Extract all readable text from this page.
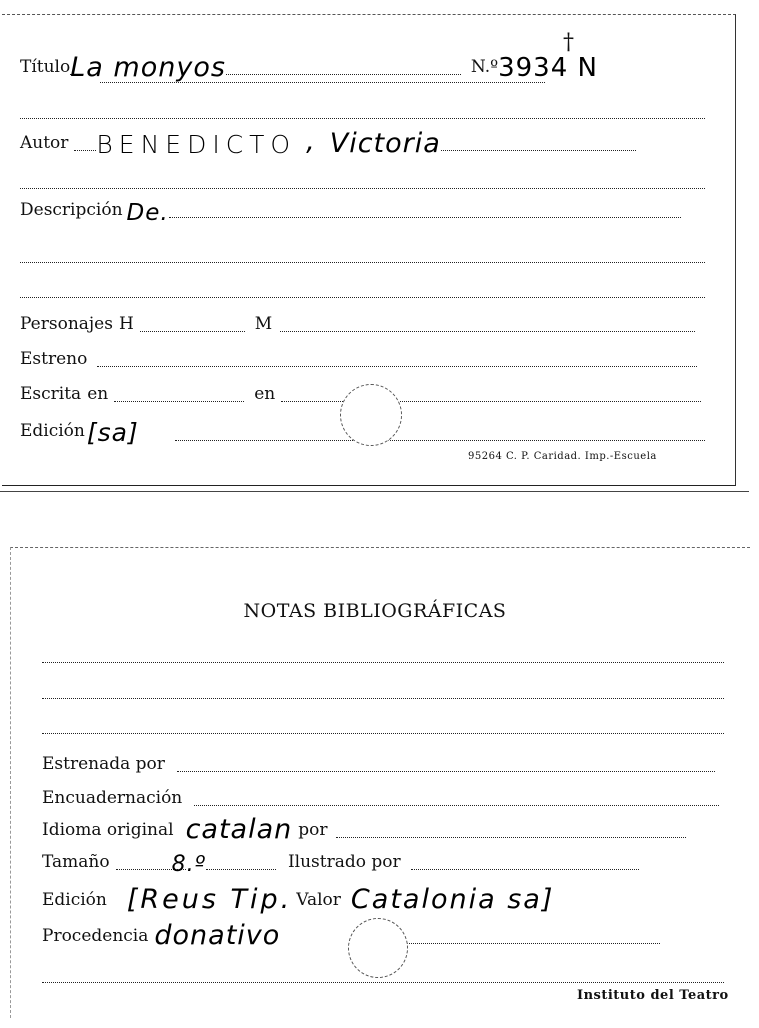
Título La monyos	N.º 3934 N
†
Autor BENEDICTO , Victoria
Descripción De.
Personajes H	M
Estreno
Escrita en	en
Edición [sa]
95264 C. P. Caridad. Imp.-Escuela
NOTAS BIBLIOGRÁFICAS
Estrenada por
Encuadernación
Idioma original catalan por
Tamaño	8.º	Ilustrado por
Edición [Reus Tip. Valor Catalonia sa]
Procedencia donativo
Instituto del Teatro
